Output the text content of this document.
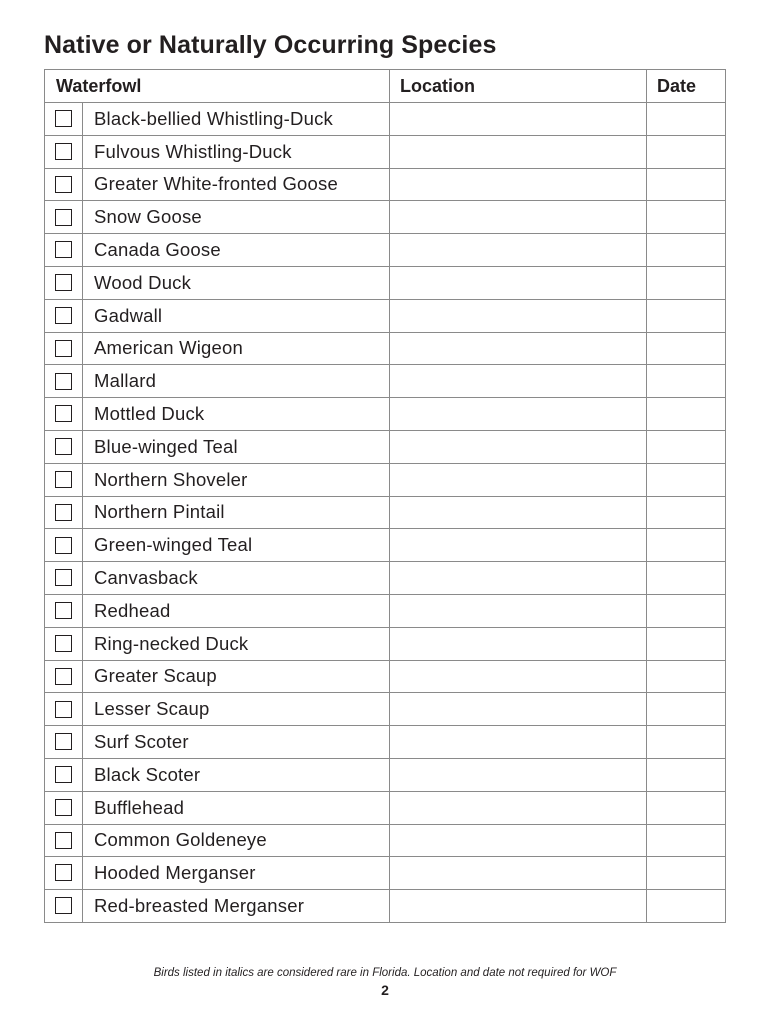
Native or Naturally Occurring Species
Waterfowl		Location	Date
	Black-bellied Whistling-Duck		
	Fulvous Whistling-Duck		
	Greater White-fronted Goose		
	Snow Goose		
	Canada Goose		
	Wood Duck		
	Gadwall		
	American Wigeon		
	Mallard		
	Mottled Duck		
	Blue-winged Teal		
	Northern Shoveler		
	Northern Pintail		
	Green-winged Teal		
	Canvasback		
	Redhead		
	Ring-necked Duck		
	Greater Scaup		
	Lesser Scaup		
	Surf Scoter		
	Black Scoter		
	Bufflehead		
	Common Goldeneye		
	Hooded Merganser		
	Red-breasted Merganser		
Birds listed in italics are considered rare in Florida. Location and date not required for WOF
2
